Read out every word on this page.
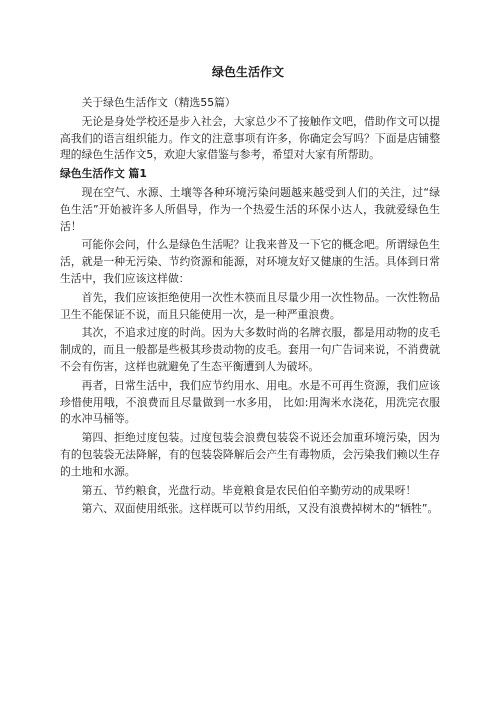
绿色生活作文

关于绿色生活作文（精选55篇）

无论是身处学校还是步入社会，大家总少不了接触作文吧，借助作文可以提高我们的语言组织能力。作文的注意事项有许多，你确定会写吗？下面是店铺整理的绿色生活作文5，欢迎大家借鉴与参考，希望对大家有所帮助。

绿色生活作文 篇1

现在空气、水源、土壤等各种环境污染问题越来越受到人们的关注，过“绿色生活”开始被许多人所倡导，作为一个热爱生活的环保小达人，我就爱绿色生活！

可能你会问，什么是绿色生活呢？让我来普及一下它的概念吧。所谓绿色生活，就是一种无污染、节约资源和能源，对环境友好又健康的生活。具体到日常生活中，我们应该这样做：

首先，我们应该拒绝使用一次性木筷而且尽量少用一次性物品。一次性物品卫生不能保证不说，而且只能使用一次，是一种严重浪费。

其次，不追求过度的时尚。因为大多数时尚的名牌衣服，都是用动物的皮毛制成的，而且一般都是些极其珍贵动物的皮毛。套用一句广告词来说，不消费就不会有伤害，这样也就避免了生态平衡遭到人为破坏。

再者，日常生活中，我们应节约用水、用电。水是不可再生资源，我们应该珍惜使用哦，不浪费而且尽量做到一水多用， 比如:用淘米水浇花，用洗完衣服的水冲马桶等。

第四、拒绝过度包装。过度包装会浪费包装袋不说还会加重环境污染，因为有的包装袋无法降解，有的包装袋降解后会产生有毒物质，会污染我们赖以生存的土地和水源。

第五、节约粮食，光盘行动。毕竟粮食是农民伯伯辛勤劳动的成果呀！

第六、双面使用纸张。这样既可以节约用纸，又没有浪费掉树木的“牺牲”。
